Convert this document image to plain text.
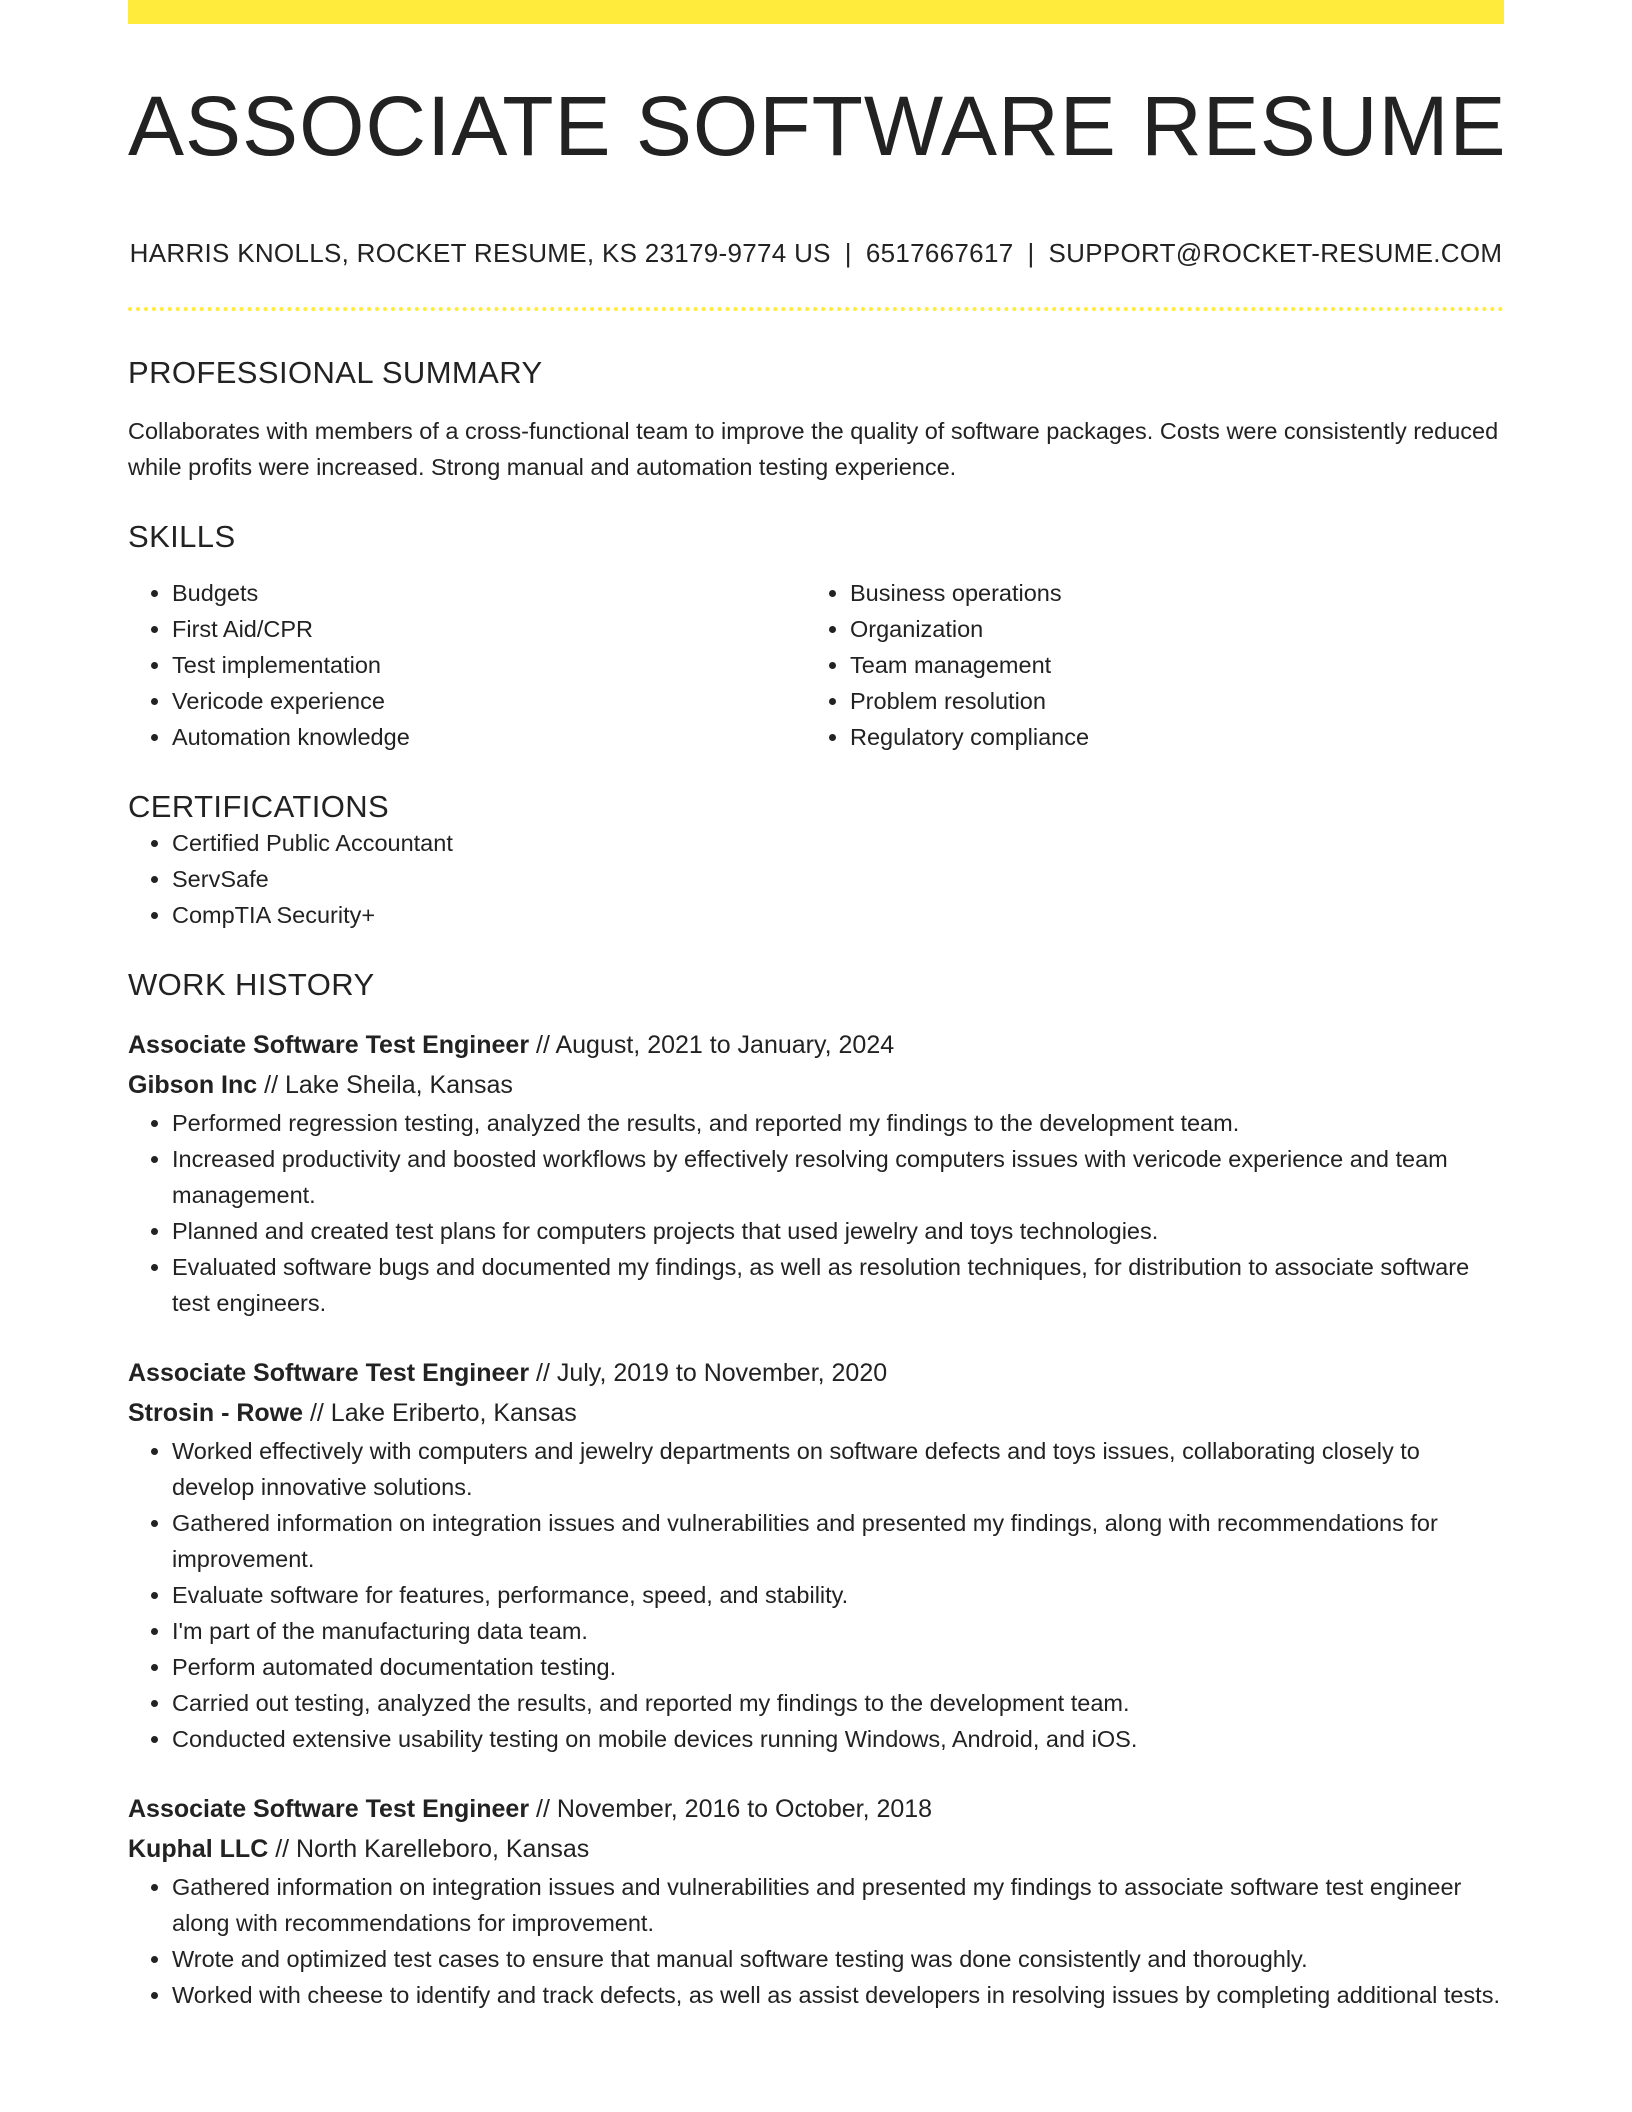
ASSOCIATE SOFTWARE RESUME
HARRIS KNOLLS, ROCKET RESUME, KS 23179-9774 US | 6517667617 | SUPPORT@ROCKET-RESUME.COM
PROFESSIONAL SUMMARY
Collaborates with members of a cross-functional team to improve the quality of software packages. Costs were consistently reduced while profits were increased. Strong manual and automation testing experience.
SKILLS
• Budgets
• First Aid/CPR
• Test implementation
• Vericode experience
• Automation knowledge
• Business operations
• Organization
• Team management
• Problem resolution
• Regulatory compliance
CERTIFICATIONS
• Certified Public Accountant
• ServSafe
• CompTIA Security+
WORK HISTORY
Associate Software Test Engineer // August, 2021 to January, 2024
Gibson Inc // Lake Sheila, Kansas
• Performed regression testing, analyzed the results, and reported my findings to the development team.
• Increased productivity and boosted workflows by effectively resolving computers issues with vericode experience and team management.
• Planned and created test plans for computers projects that used jewelry and toys technologies.
• Evaluated software bugs and documented my findings, as well as resolution techniques, for distribution to associate software test engineers.
Associate Software Test Engineer // July, 2019 to November, 2020
Strosin - Rowe // Lake Eriberto, Kansas
• Worked effectively with computers and jewelry departments on software defects and toys issues, collaborating closely to develop innovative solutions.
• Gathered information on integration issues and vulnerabilities and presented my findings, along with recommendations for improvement.
• Evaluate software for features, performance, speed, and stability.
• I'm part of the manufacturing data team.
• Perform automated documentation testing.
• Carried out testing, analyzed the results, and reported my findings to the development team.
• Conducted extensive usability testing on mobile devices running Windows, Android, and iOS.
Associate Software Test Engineer // November, 2016 to October, 2018
Kuphal LLC // North Karelleboro, Kansas
• Gathered information on integration issues and vulnerabilities and presented my findings to associate software test engineer along with recommendations for improvement.
• Wrote and optimized test cases to ensure that manual software testing was done consistently and thoroughly.
• Worked with cheese to identify and track defects, as well as assist developers in resolving issues by completing additional tests.
